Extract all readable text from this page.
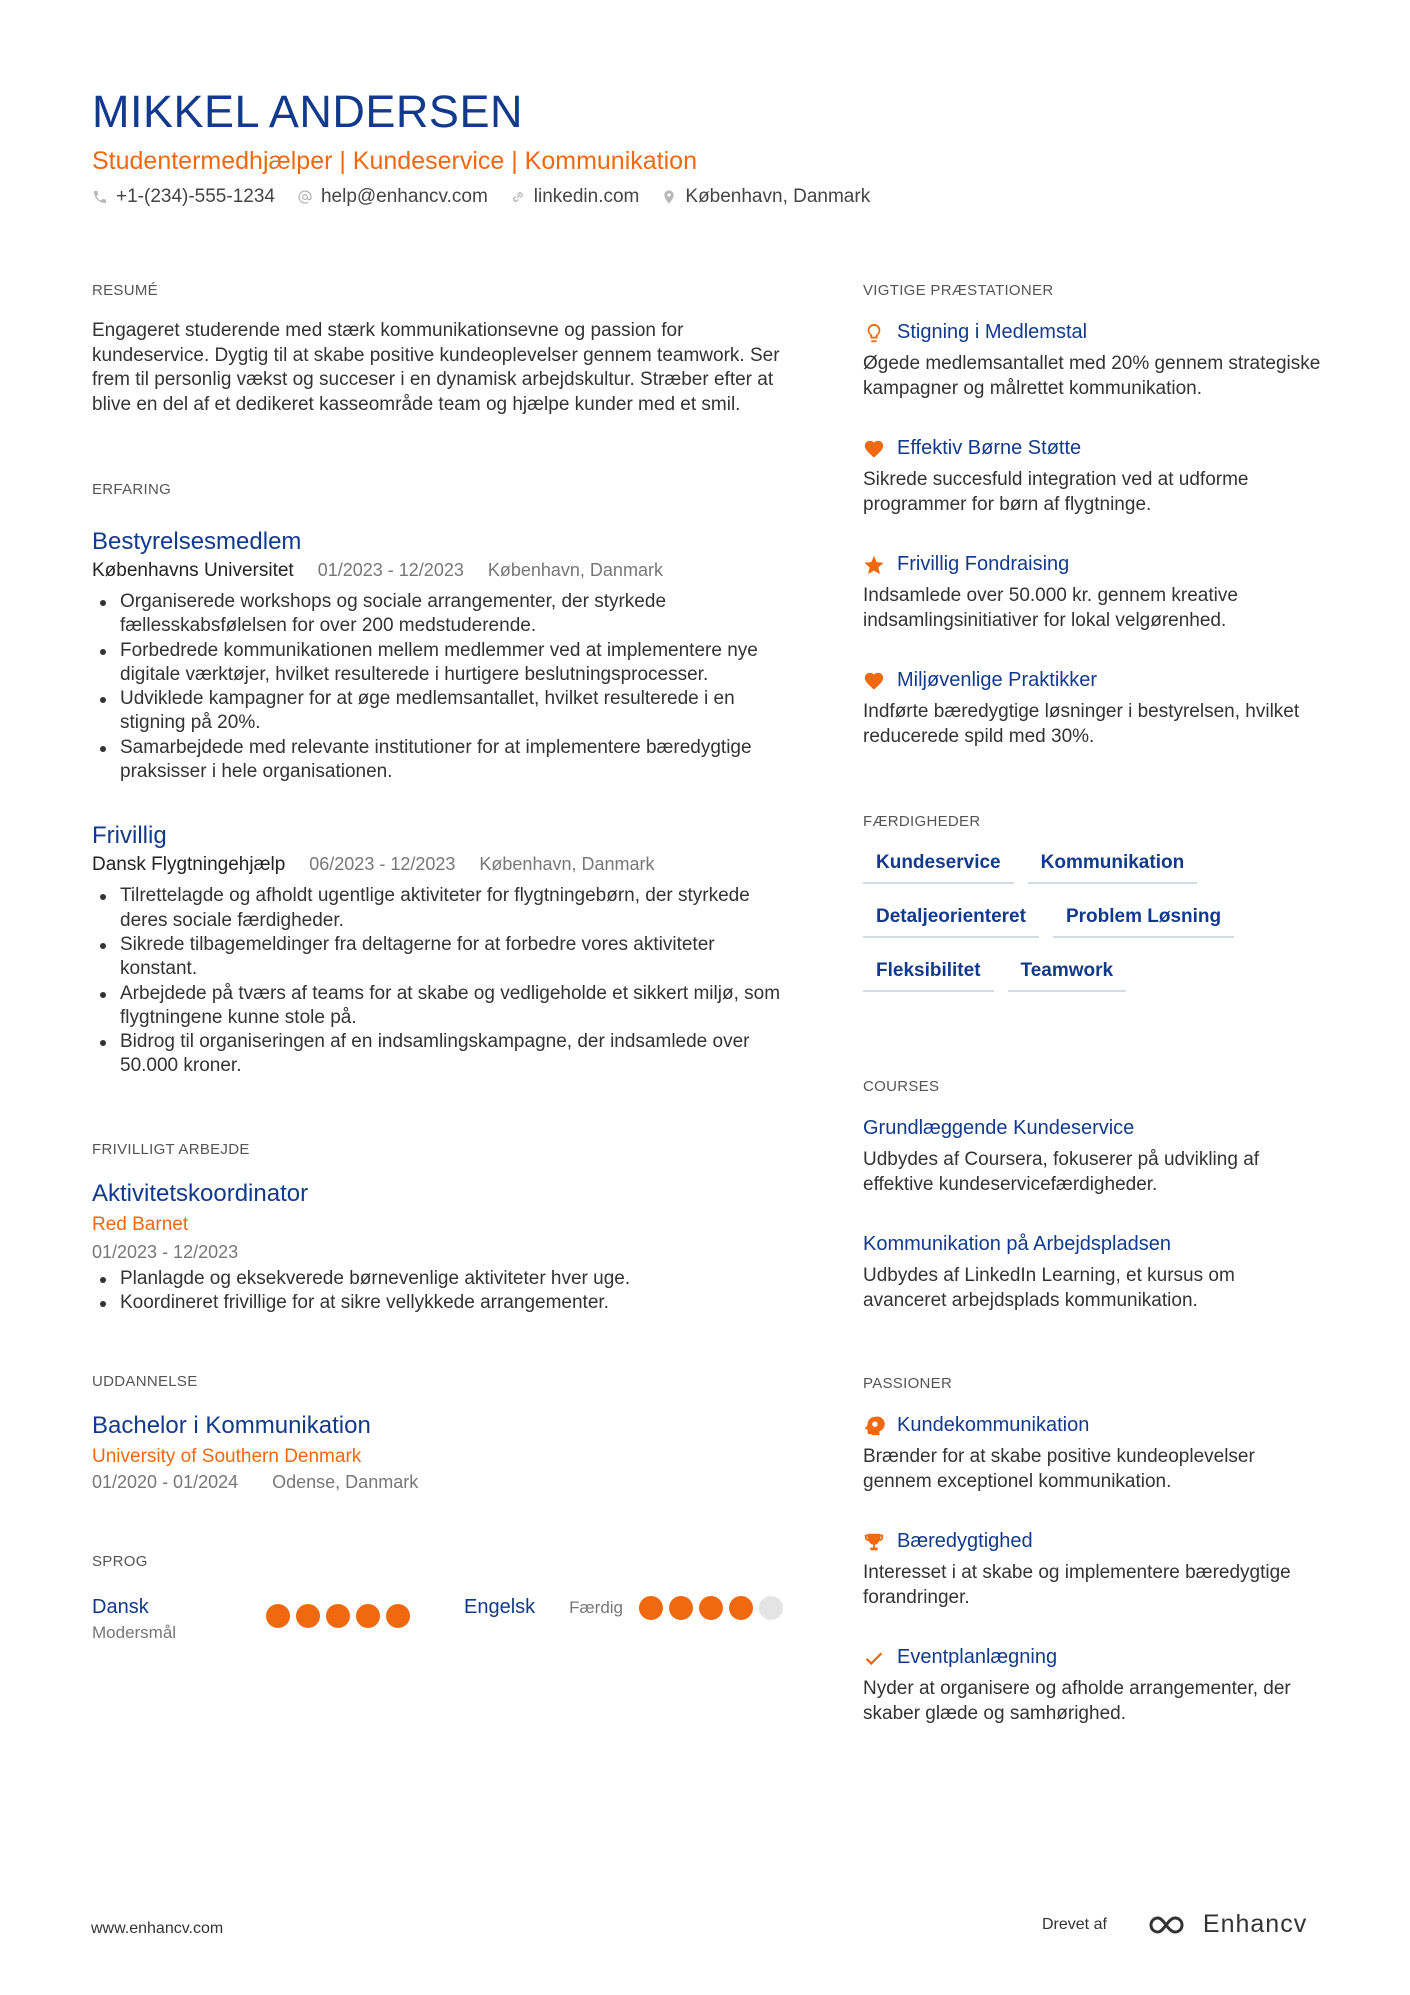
MIKKEL ANDERSEN
Studentermedhjælper | Kundeservice | Kommunikation
+1-(234)-555-1234 help@enhancv.com linkedin.com København, Danmark
RESUMÉ

Engageret studerende med stærk kommunikationsevne og passion for kundeservice. Dygtig til at skabe positive kundeoplevelser gennem teamwork. Ser frem til personlig vækst og succeser i en dynamisk arbejdskultur. Stræber efter at blive en del af et dedikeret kasseområde team og hjælpe kunder med et smil.

ERFARING
Bestyrelsesmedlem
Københavns Universitet 01/2023 - 12/2023 København, Danmark
Organiserede workshops og sociale arrangementer, der styrkede fællesskabsfølelsen for over 200 medstuderende.
Forbedrede kommunikationen mellem medlemmer ved at implementere nye digitale værktøjer, hvilket resulterede i hurtigere beslutningsprocesser.
Udviklede kampagner for at øge medlemsantallet, hvilket resulterede i en stigning på 20%.
Samarbejdede med relevante institutioner for at implementere bæredygtige praksisser i hele organisationen.
Frivillig
Dansk Flygtningehjælp 06/2023 - 12/2023 København, Danmark
Tilrettelagde og afholdt ugentlige aktiviteter for flygtningebørn, der styrkede deres sociale færdigheder.
Sikrede tilbagemeldinger fra deltagerne for at forbedre vores aktiviteter konstant.
Arbejdede på tværs af teams for at skabe og vedligeholde et sikkert miljø, som flygtningene kunne stole på.
Bidrog til organiseringen af en indsamlingskampagne, der indsamlede over 50.000 kroner.
FRIVILLIGT ARBEJDE
Aktivitetskoordinator
Red Barnet
01/2023 - 12/2023
Planlagde og eksekverede børnevenlige aktiviteter hver uge.
Koordineret frivillige for at sikre vellykkede arrangementer.
UDDANNELSE
Bachelor i Kommunikation
University of Southern Denmark
01/2020 - 01/2024 Odense, Danmark
SPROG
Dansk
Modersmål
Engelsk Færdig
VIGTIGE PRÆSTATIONER
Stigning i Medlemstal

Øgede medlemsantallet med 20% gennem strategiske kampagner og målrettet kommunikation.

Effektiv Børne Støtte

Sikrede succesfuld integration ved at udforme programmer for børn af flygtninge.

Frivillig Fondraising

Indsamlede over 50.000 kr. gennem kreative indsamlingsinitiativer for lokal velgørenhed.

Miljøvenlige Praktikker

Indførte bæredygtige løsninger i bestyrelsen, hvilket reducerede spild med 30%.

FÆRDIGHEDER
Kundeservice	Kommunikation
Detaljeorienteret	Problem Løsning
Fleksibilitet	Teamwork
COURSES
Grundlæggende Kundeservice

Udbydes af Coursera, fokuserer på udvikling af effektive kundeservicefærdigheder.

Kommunikation på Arbejdspladsen

Udbydes af LinkedIn Learning, et kursus om avanceret arbejdsplads kommunikation.

PASSIONER
Kundekommunikation

Brænder for at skabe positive kundeoplevelser gennem exceptionel kommunikation.

Bæredygtighed

Interesset i at skabe og implementere bæredygtige forandringer.

Eventplanlægning

Nyder at organisere og afholde arrangementer, der skaber glæde og samhørighed.

www.enhancv.com	Drevet af	Enhancv
